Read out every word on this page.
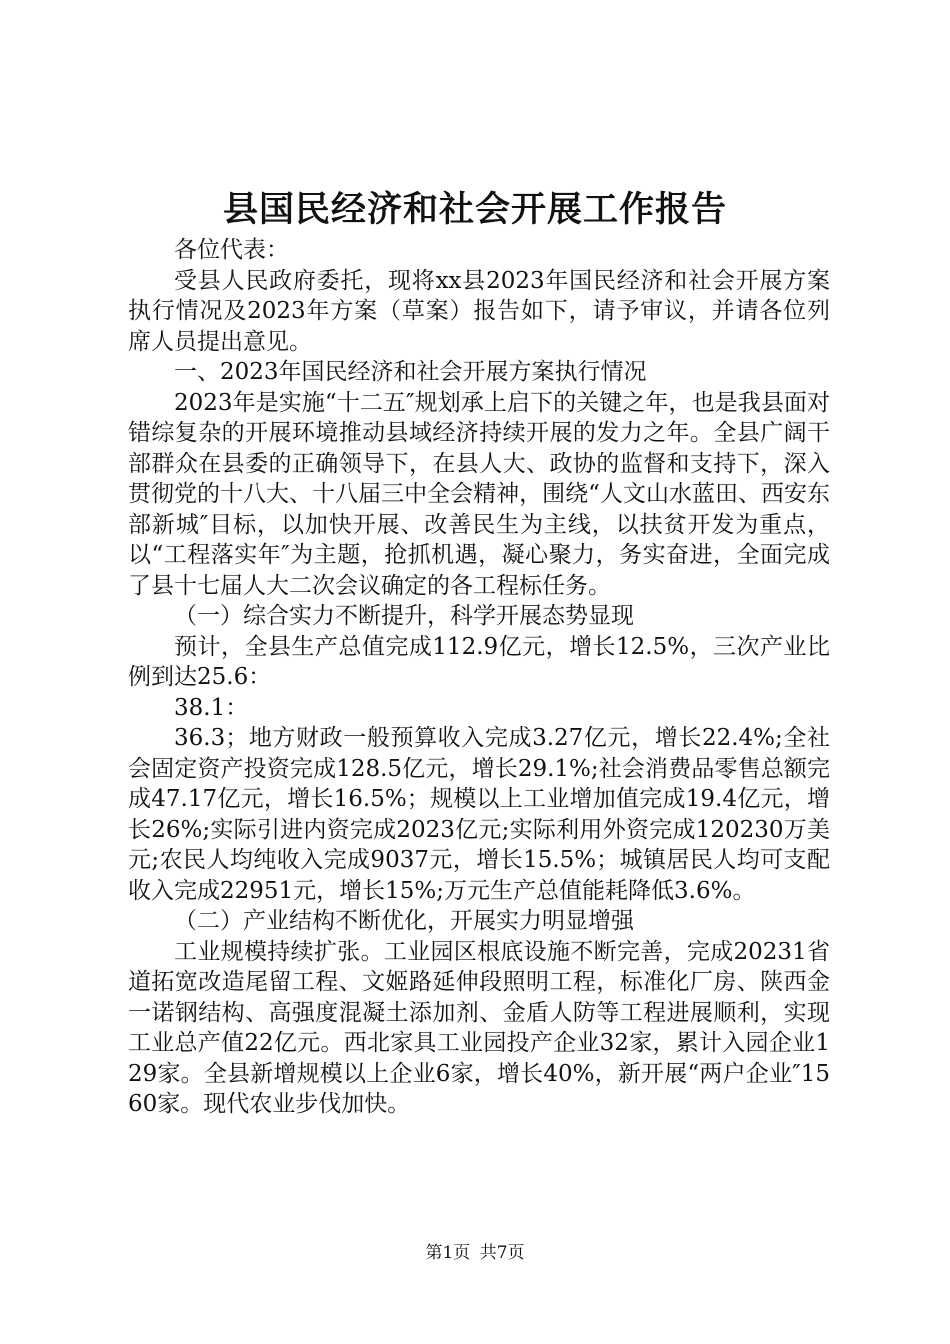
县国民经济和社会开展工作报告

各位代表：

受县人民政府委托，现将xx县2023年国民经济和社会开展方案执行情况及2023年方案（草案）报告如下，请予审议，并请各位列席人员提出意见。

一、2023年国民经济和社会开展方案执行情况

2023年是实施“十二五″规划承上启下的关键之年，也是我县面对错综复杂的开展环境推动县域经济持续开展的发力之年。全县广阔干部群众在县委的正确领导下，在县人大、政协的监督和支持下，深入贯彻党的十八大、十八届三中全会精神，围绕“人文山水蓝田、西安东部新城″目标，以加快开展、改善民生为主线，以扶贫开发为重点，以“工程落实年″为主题，抢抓机遇，凝心聚力，务实奋进，全面完成了县十七届人大二次会议确定的各工程标任务。

（一）综合实力不断提升，科学开展态势显现

预计，全县生产总值完成112.9亿元，增长12.5%，三次产业比例到达25.6：

38.1：

36.3；地方财政一般预算收入完成3.27亿元，增长22.4%;全社会固定资产投资完成128.5亿元，增长29.1%;社会消费品零售总额完成47.17亿元，增长16.5%；规模以上工业增加值完成19.4亿元，增长26%;实际引进内资完成2023亿元;实际利用外资完成120230万美元;农民人均纯收入完成9037元，增长15.5%；城镇居民人均可支配收入完成22951元，增长15%;万元生产总值能耗降低3.6%。

（二）产业结构不断优化，开展实力明显增强

工业规模持续扩张。工业园区根底设施不断完善，完成20231省道拓宽改造尾留工程、文姬路延伸段照明工程，标准化厂房、陕西金一诺钢结构、高强度混凝土添加剂、金盾人防等工程进展顺利，实现工业总产值22亿元。西北家具工业园投产企业32家，累计入园企业129家。全县新增规模以上企业6家，增长40%，新开展“两户企业″1560家。现代农业步伐加快。

第1页 共7页
